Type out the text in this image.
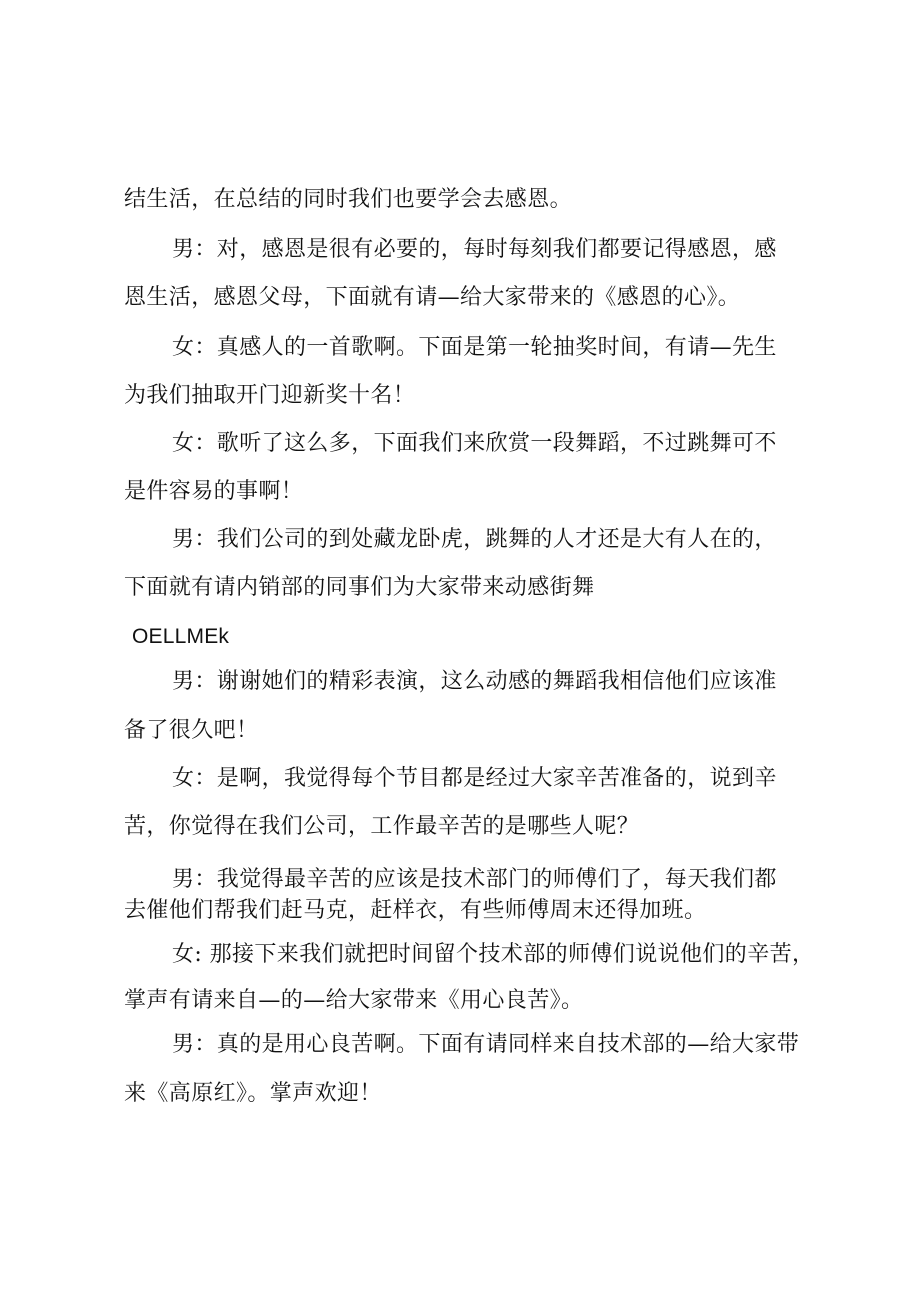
结生活，在总结的同时我们也要学会去感恩。
男：对，感恩是很有必要的，每时每刻我们都要记得感恩，感
恩生活，感恩父母，下面就有请—给大家带来的《感恩的心》。
女：真感人的一首歌啊。下面是第一轮抽奖时间，有请—先生
为我们抽取开门迎新奖十名！
女：歌听了这么多，下面我们来欣赏一段舞蹈，不过跳舞可不
是件容易的事啊！
男：我们公司的到处藏龙卧虎，跳舞的人才还是大有人在的，
下面就有请内销部的同事们为大家带来动感街舞
OELLMEk
男：谢谢她们的精彩表演，这么动感的舞蹈我相信他们应该准
备了很久吧！
女：是啊，我觉得每个节目都是经过大家辛苦准备的，说到辛
苦，你觉得在我们公司，工作最辛苦的是哪些人呢？
男：我觉得最辛苦的应该是技术部门的师傅们了，每天我们都
去催他们帮我们赶马克，赶样衣，有些师傅周末还得加班。
女: 那接下来我们就把时间留个技术部的师傅们说说他们的辛苦，
掌声有请来自—的—给大家带来《用心良苦》。
男：真的是用心良苦啊。下面有请同样来自技术部的—给大家带
来《高原红》。掌声欢迎！
